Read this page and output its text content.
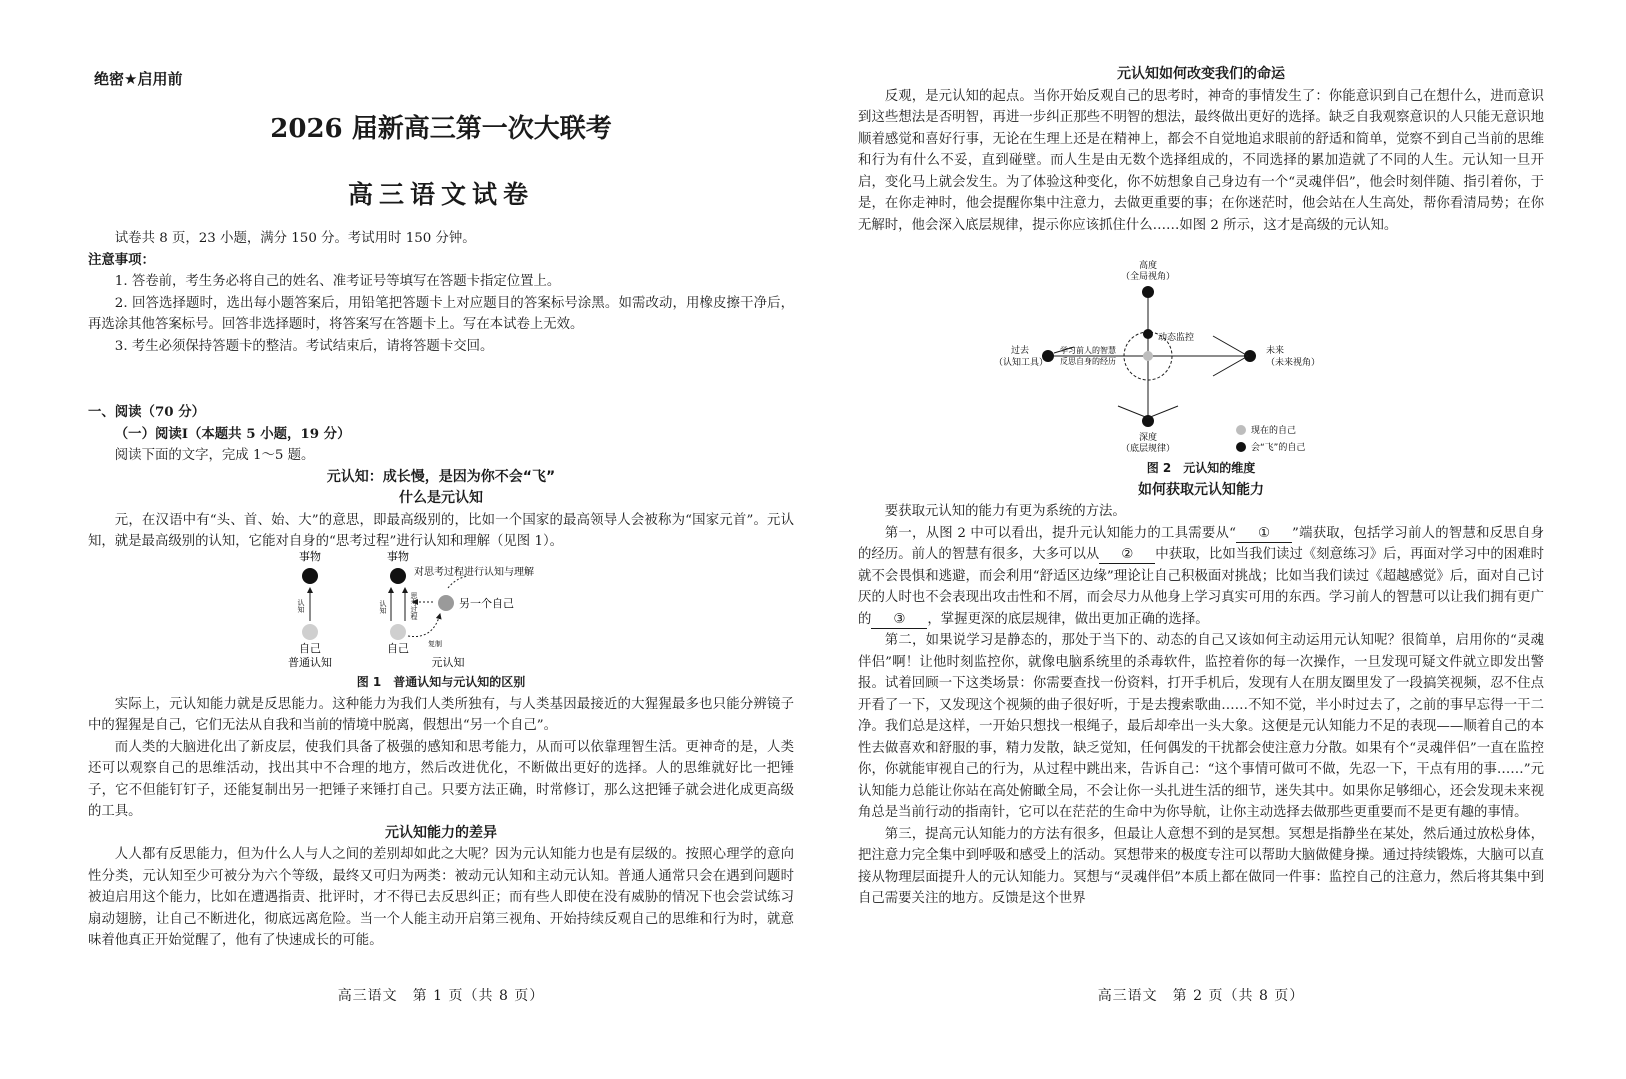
绝密★启用前
2026 届新高三第一次大联考
高三语文试卷

试卷共 8 页，23 小题，满分 150 分。考试用时 150 分钟。

注意事项：

1. 答卷前，考生务必将自己的姓名、准考证号等填写在答题卡指定位置上。

2. 回答选择题时，选出每小题答案后，用铅笔把答题卡上对应题目的答案标号涂黑。如需改动，用橡皮擦干净后，再选涂其他答案标号。回答非选择题时，将答案写在答题卡上。写在本试卷上无效。

3. 考生必须保持答题卡的整洁。考试结束后，请将答题卡交回。

一、阅读（70 分）

（一）阅读Ⅰ（本题共 5 小题，19 分）

阅读下面的文字，完成 1～5 题。

元认知：成长慢，是因为你不会“飞”

什么是元认知

元，在汉语中有“头、首、始、大”的意思，即最高级别的，比如一个国家的最高领导人会被称为“国家元首”。元认知，就是最高级别的认知，它能对自身的“思考过程”进行认知和理解（见图 1）。

事物
认知
自己
普通认知
事物
对思考过程进行认知与理解
认知	思考过程	另一个自己
复制
自己
元认知

图 1　普通认知与元认知的区别

实际上，元认知能力就是反思能力。这种能力为我们人类所独有，与人类基因最接近的大猩猩最多也只能分辨镜子中的猩猩是自己，它们无法从自我和当前的情境中脱离，假想出“另一个自己”。

而人类的大脑进化出了新皮层，使我们具备了极强的感知和思考能力，从而可以依靠理智生活。更神奇的是，人类还可以观察自己的思维活动，找出其中不合理的地方，然后改进优化，不断做出更好的选择。人的思维就好比一把锤子，它不但能钉钉子，还能复制出另一把锤子来锤打自己。只要方法正确，时常修订，那么这把锤子就会进化成更高级的工具。

元认知能力的差异

人人都有反思能力，但为什么人与人之间的差别却如此之大呢？因为元认知能力也是有层级的。按照心理学的意向性分类，元认知至少可被分为六个等级，最终又可归为两类：被动元认知和主动元认知。普通人通常只会在遇到问题时被迫启用这个能力，比如在遭遇指责、批评时，才不得已去反思纠正；而有些人即使在没有威胁的情况下也会尝试练习扇动翅膀，让自己不断进化，彻底远离危险。当一个人能主动开启第三视角、开始持续反观自己的思维和行为时，就意味着他真正开始觉醒了，他有了快速成长的可能。

高三语文　第 1 页（共 8 页）

元认知如何改变我们的命运

反观，是元认知的起点。当你开始反观自己的思考时，神奇的事情发生了：你能意识到自己在想什么，进而意识到这些想法是否明智，再进一步纠正那些不明智的想法，最终做出更好的选择。缺乏自我观察意识的人只能无意识地顺着感觉和喜好行事，无论在生理上还是在精神上，都会不自觉地追求眼前的舒适和简单，觉察不到自己当前的思维和行为有什么不妥，直到碰壁。而人生是由无数个选择组成的，不同选择的累加造就了不同的人生。元认知一旦开启，变化马上就会发生。为了体验这种变化，你不妨想象自己身边有一个“灵魂伴侣”，他会时刻伴随、指引着你，于是，在你走神时，他会提醒你集中注意力，去做更重要的事；在你迷茫时，他会站在人生高处，帮你看清局势；在你无解时，他会深入底层规律，提示你应该抓住什么……如图 2 所示，这才是高级的元认知。

高度
（全局视角）
深度
（底层规律）
过去
（认知工具）
未来
（未来视角）
动态监控
学习前人的智慧
反思自身的经历
现在的自己
会“飞”的自己

图 2　元认知的维度

如何获取元认知能力

要获取元认知的能力有更为系统的方法。

第一，从图 2 中可以看出，提升元认知能力的工具需要从“ ① ”端获取，包括学习前人的智慧和反思自身的经历。前人的智慧有很多，大多可以从 ② 中获取，比如当我们读过《刻意练习》后，再面对学习中的困难时就不会畏惧和逃避，而会利用“舒适区边缘”理论让自己积极面对挑战；比如当我们读过《超越感觉》后，面对自己讨厌的人时也不会表现出攻击性和不屑，而会尽力从他身上学习真实可用的东西。学习前人的智慧可以让我们拥有更广的 ③ ，掌握更深的底层规律，做出更加正确的选择。

第二，如果说学习是静态的，那处于当下的、动态的自己又该如何主动运用元认知呢？很简单，启用你的“灵魂伴侣”啊！让他时刻监控你，就像电脑系统里的杀毒软件，监控着你的每一次操作，一旦发现可疑文件就立即发出警报。试着回顾一下这类场景：你需要查找一份资料，打开手机后，发现有人在朋友圈里发了一段搞笑视频，忍不住点开看了一下，又发现这个视频的曲子很好听，于是去搜索歌曲……不知不觉，半小时过去了，之前的事早忘得一干二净。我们总是这样，一开始只想找一根绳子，最后却牵出一头大象。这便是元认知能力不足的表现——顺着自己的本性去做喜欢和舒服的事，精力发散，缺乏觉知，任何偶发的干扰都会使注意力分散。如果有个“灵魂伴侣”一直在监控你，你就能审视自己的行为，从过程中跳出来，告诉自己：“这个事情可做可不做，先忍一下，干点有用的事……”元认知能力总能让你站在高处俯瞰全局，不会让你一头扎进生活的细节，迷失其中。如果你足够细心，还会发现未来视角总是当前行动的指南针，它可以在茫茫的生命中为你导航，让你主动选择去做那些更重要而不是更有趣的事情。

第三，提高元认知能力的方法有很多，但最让人意想不到的是冥想。冥想是指静坐在某处，然后通过放松身体，把注意力完全集中到呼吸和感受上的活动。冥想带来的极度专注可以帮助大脑做健身操。通过持续锻炼，大脑可以直接从物理层面提升人的元认知能力。冥想与“灵魂伴侣”本质上都在做同一件事：监控自己的注意力，然后将其集中到自己需要关注的地方。反馈是这个世界

高三语文　第 2 页（共 8 页）
